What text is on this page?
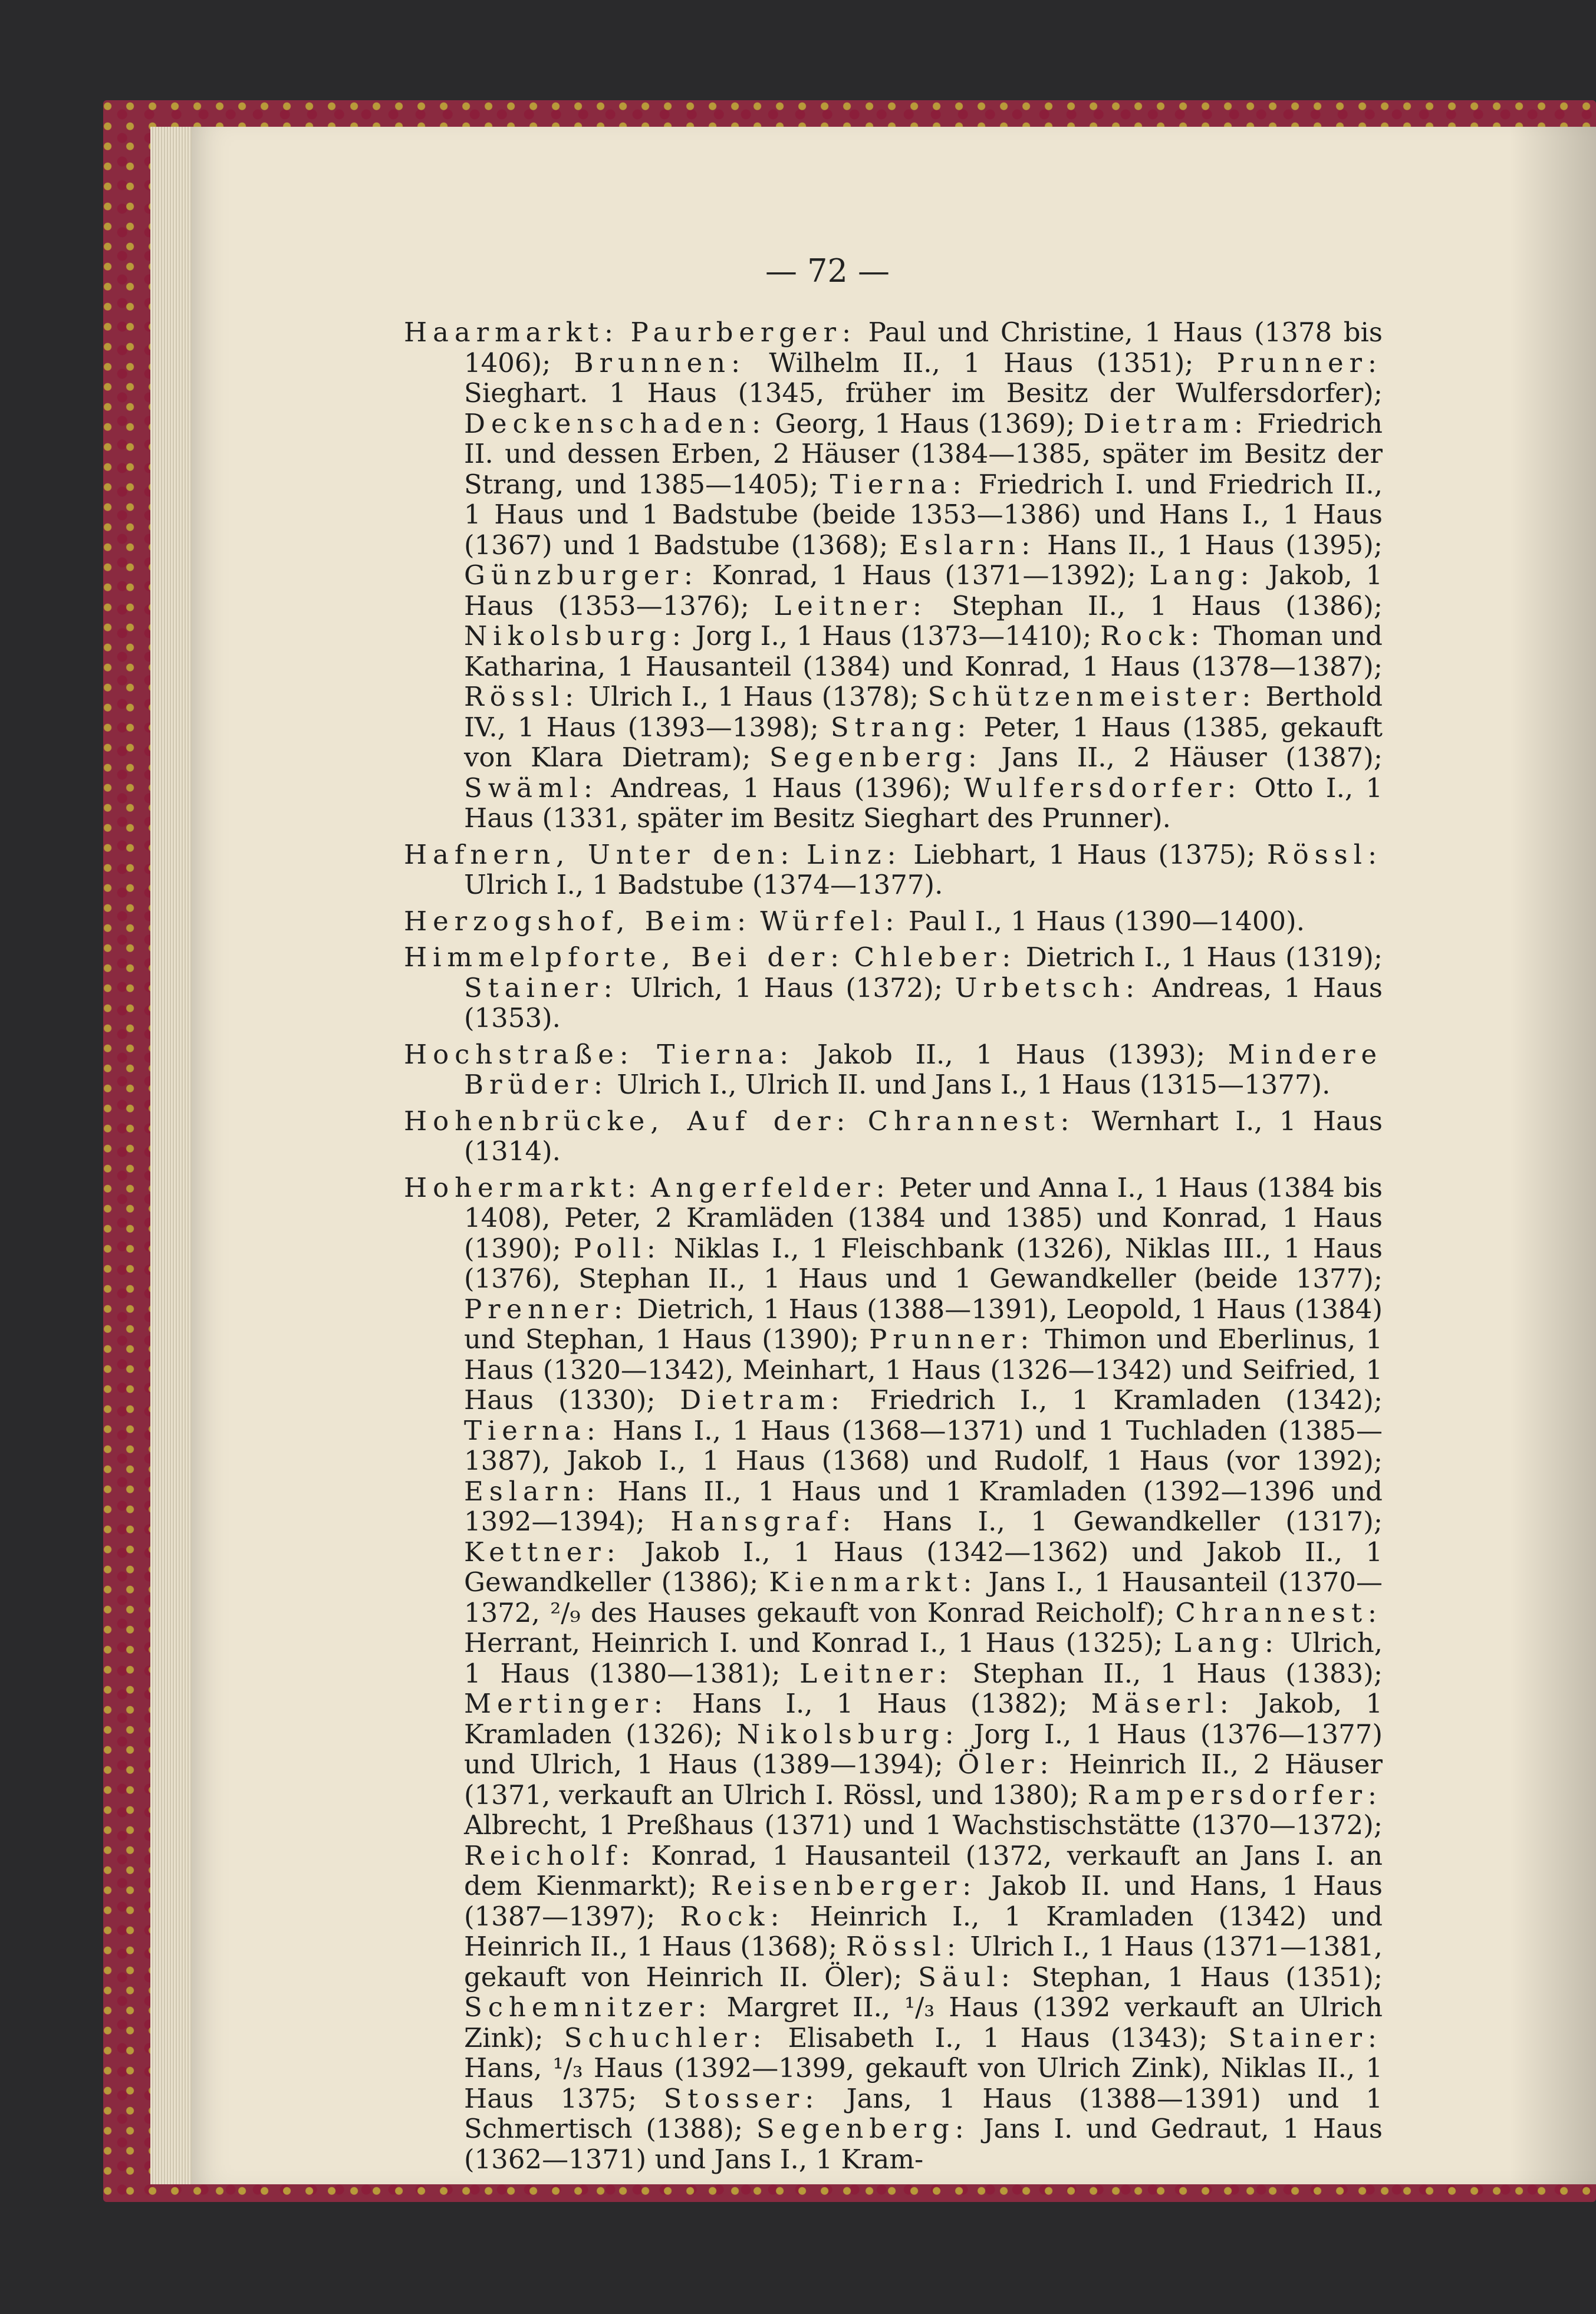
— 72 —

Haarmarkt: Paurberger: Paul und Christine, 1 Haus (1378 bis 1406); Brunnen: Wilhelm II., 1 Haus (1351); Prunner: Sieghart. 1 Haus (1345, früher im Besitz der Wulfersdorfer); Deckenschaden: Georg, 1 Haus (1369); Dietram: Friedrich II. und dessen Erben, 2 Häuser (1384—1385, später im Besitz der Strang, und 1385—1405); Tierna: Friedrich I. und Friedrich II., 1 Haus und 1 Badstube (beide 1353—1386) und Hans I., 1 Haus (1367) und 1 Badstube (1368); Eslarn: Hans II., 1 Haus (1395); Günzburger: Konrad, 1 Haus (1371—1392); Lang: Jakob, 1 Haus (1353—1376); Leitner: Stephan II., 1 Haus (1386); Nikolsburg: Jorg I., 1 Haus (1373—1410); Rock: Thoman und Katharina, 1 Hausanteil (1384) und Konrad, 1 Haus (1378—1387); Rössl: Ulrich I., 1 Haus (1378); Schützenmeister: Berthold IV., 1 Haus (1393—1398); Strang: Peter, 1 Haus (1385, gekauft von Klara Dietram); Segenberg: Jans II., 2 Häuser (1387); Swäml: Andreas, 1 Haus (1396); Wulfersdorfer: Otto I., 1 Haus (1331, später im Besitz Sieghart des Prunner).

Hafnern, Unter den: Linz: Liebhart, 1 Haus (1375); Rössl: Ulrich I., 1 Badstube (1374—1377).

Herzogshof, Beim: Würfel: Paul I., 1 Haus (1390—1400).

Himmelpforte, Bei der: Chleber: Dietrich I., 1 Haus (1319); Stainer: Ulrich, 1 Haus (1372); Urbetsch: Andreas, 1 Haus (1353).

Hochstraße: Tierna: Jakob II., 1 Haus (1393); Mindere Brüder: Ulrich I., Ulrich II. und Jans I., 1 Haus (1315—1377).

Hohenbrücke, Auf der: Chrannest: Wernhart I., 1 Haus (1314).

Hohermarkt: Angerfelder: Peter und Anna I., 1 Haus (1384 bis 1408), Peter, 2 Kramläden (1384 und 1385) und Konrad, 1 Haus (1390); Poll: Niklas I., 1 Fleischbank (1326), Niklas III., 1 Haus (1376), Stephan II., 1 Haus und 1 Gewandkeller (beide 1377); Prenner: Dietrich, 1 Haus (1388—1391), Leopold, 1 Haus (1384) und Stephan, 1 Haus (1390); Prunner: Thimon und Eberlinus, 1 Haus (1320—1342), Meinhart, 1 Haus (1326—1342) und Seifried, 1 Haus (1330); Dietram: Friedrich I., 1 Kramladen (1342); Tierna: Hans I., 1 Haus (1368—1371) und 1 Tuchladen (1385—1387), Jakob I., 1 Haus (1368) und Rudolf, 1 Haus (vor 1392); Eslarn: Hans II., 1 Haus und 1 Kramladen (1392—1396 und 1392—1394); Hansgraf: Hans I., 1 Gewandkeller (1317); Kettner: Jakob I., 1 Haus (1342—1362) und Jakob II., 1 Gewandkeller (1386); Kienmarkt: Jans I., 1 Hausanteil (1370—1372, ²/₉ des Hauses gekauft von Konrad Reicholf); Chrannest: Herrant, Heinrich I. und Konrad I., 1 Haus (1325); Lang: Ulrich, 1 Haus (1380—1381); Leitner: Stephan II., 1 Haus (1383); Mertinger: Hans I., 1 Haus (1382); Mäserl: Jakob, 1 Kramladen (1326); Nikolsburg: Jorg I., 1 Haus (1376—1377) und Ulrich, 1 Haus (1389—1394); Öler: Heinrich II., 2 Häuser (1371, verkauft an Ulrich I. Rössl, und 1380); Rampersdorfer: Albrecht, 1 Preßhaus (1371) und 1 Wachstischstätte (1370—1372); Reicholf: Konrad, 1 Hausanteil (1372, verkauft an Jans I. an dem Kienmarkt); Reisenberger: Jakob II. und Hans, 1 Haus (1387—1397); Rock: Heinrich I., 1 Kramladen (1342) und Heinrich II., 1 Haus (1368); Rössl: Ulrich I., 1 Haus (1371—1381, gekauft von Heinrich II. Öler); Säul: Stephan, 1 Haus (1351); Schemnitzer: Margret II., ¹/₃ Haus (1392 verkauft an Ulrich Zink); Schuchler: Elisabeth I., 1 Haus (1343); Stainer: Hans, ¹/₃ Haus (1392—1399, gekauft von Ulrich Zink), Niklas II., 1 Haus 1375; Stosser: Jans, 1 Haus (1388—1391) und 1 Schmertisch (1388); Segenberg: Jans I. und Gedraut, 1 Haus (1362—1371) und Jans I., 1 Kram-
